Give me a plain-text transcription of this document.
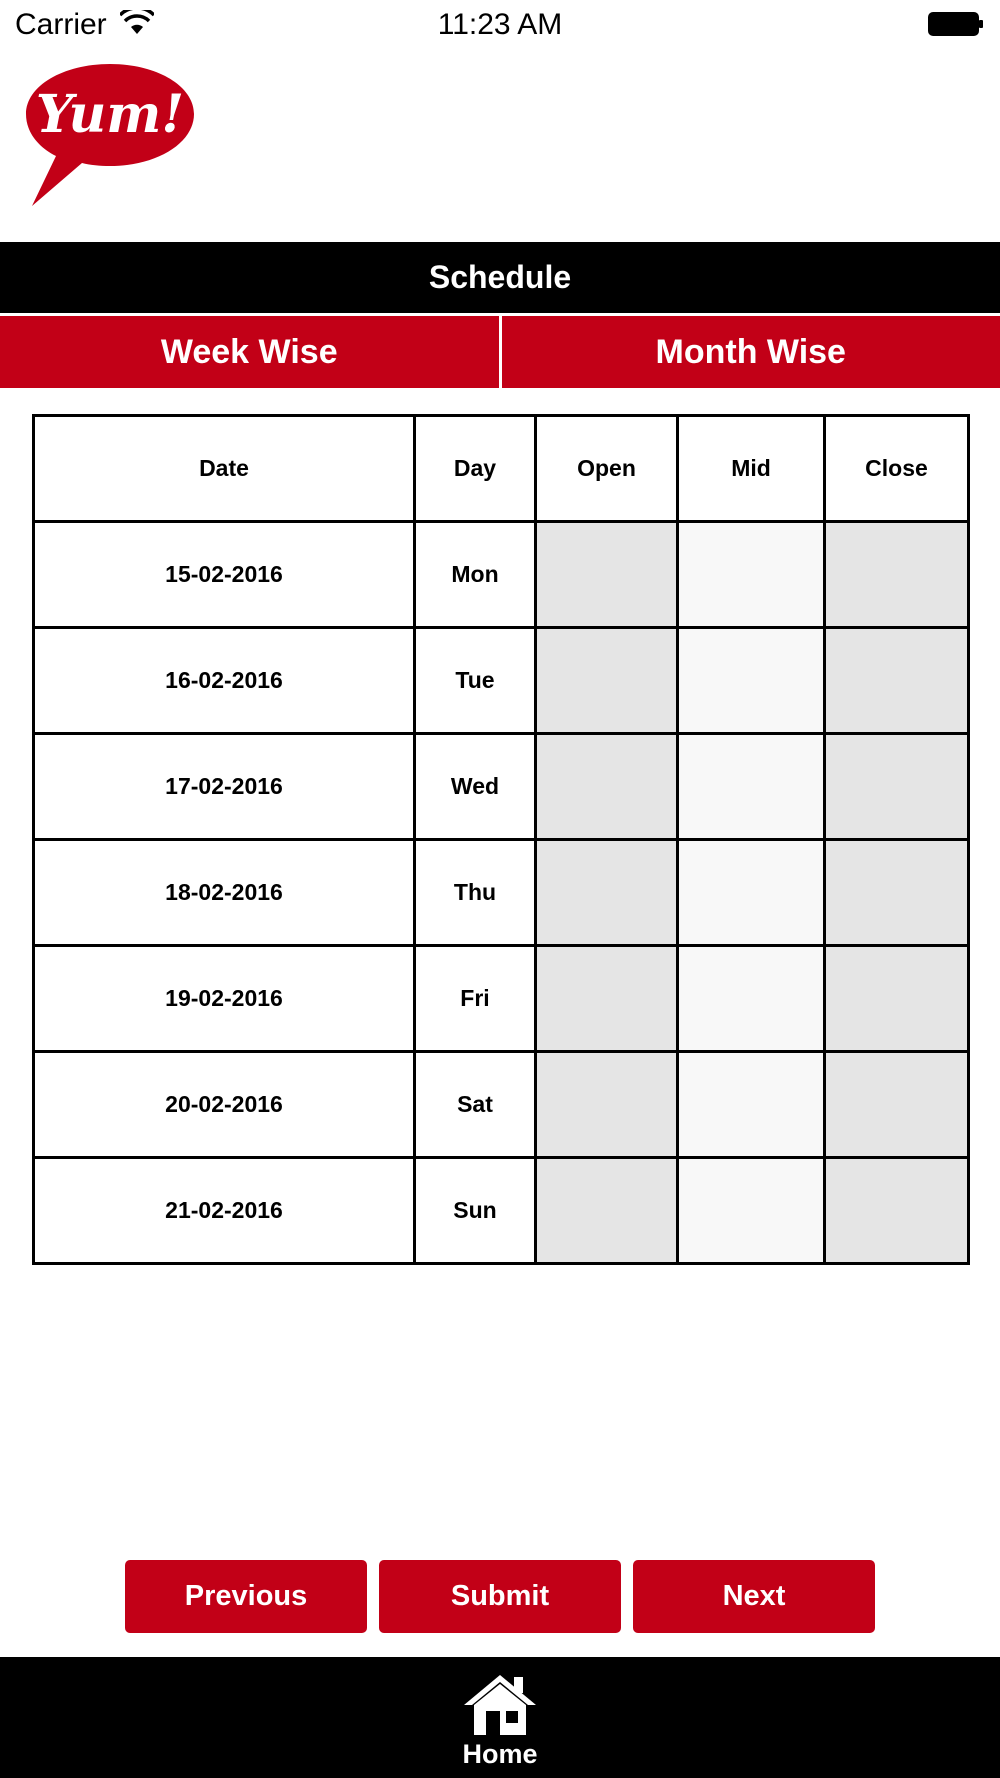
Carrier	11:23 AM
Yum!
Schedule
Week Wise	Month Wise
Date	Day	Open	Mid	Close
15-02-2016	Mon			
16-02-2016	Tue			
17-02-2016	Wed			
18-02-2016	Thu			
19-02-2016	Fri			
20-02-2016	Sat			
21-02-2016	Sun			
Previous	Submit	Next
Home
